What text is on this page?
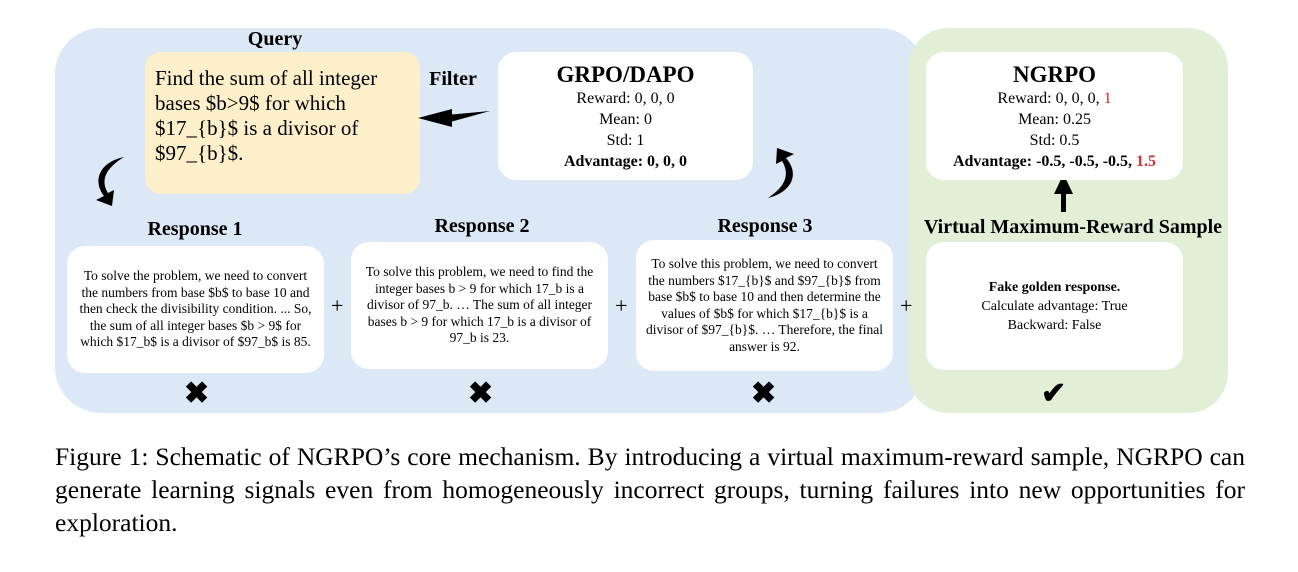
Query
Find the sum of all integer bases $b>9$ for which $17_{b}$ is a divisor of $97_{b}$.
Filter	GRPO/DAPO
Reward: 0, 0, 0
Mean: 0
Std: 1
Advantage: 0, 0, 0
NGRPO
Reward: 0, 0, 0, 1
Mean: 0.25
Std: 0.5
Advantage: -0.5, -0.5, -0.5, 1.5
Response 1	Response 2	Response 3	Virtual Maximum-Reward Sample
To solve the problem, we need to convert the numbers from base $b$ to base 10 and then check the divisibility condition. ... So, the sum of all integer bases $b > 9$ for which $17_b$ is a divisor of $97_b$ is 85.
To solve this problem, we need to find the integer bases b > 9 for which 17_b is a divisor of 97_b. … The sum of all integer bases b > 9 for which 17_b is a divisor of 97_b is 23.
To solve this problem, we need to convert the numbers $17_{b}$ and $97_{b}$ from base $b$ to base 10 and then determine the values of $b$ for which $17_{b}$ is a divisor of $97_{b}$. … Therefore, the final answer is 92.
Fake golden response.
Calculate advantage: True
Backward: False
+	+	+
✖	✖	✖	✔
Figure 1: Schematic of NGRPO’s core mechanism. By introducing a virtual maximum-reward sample, NGRPO can generate learning signals even from homogeneously incorrect groups, turning failures into new opportunities for exploration.
